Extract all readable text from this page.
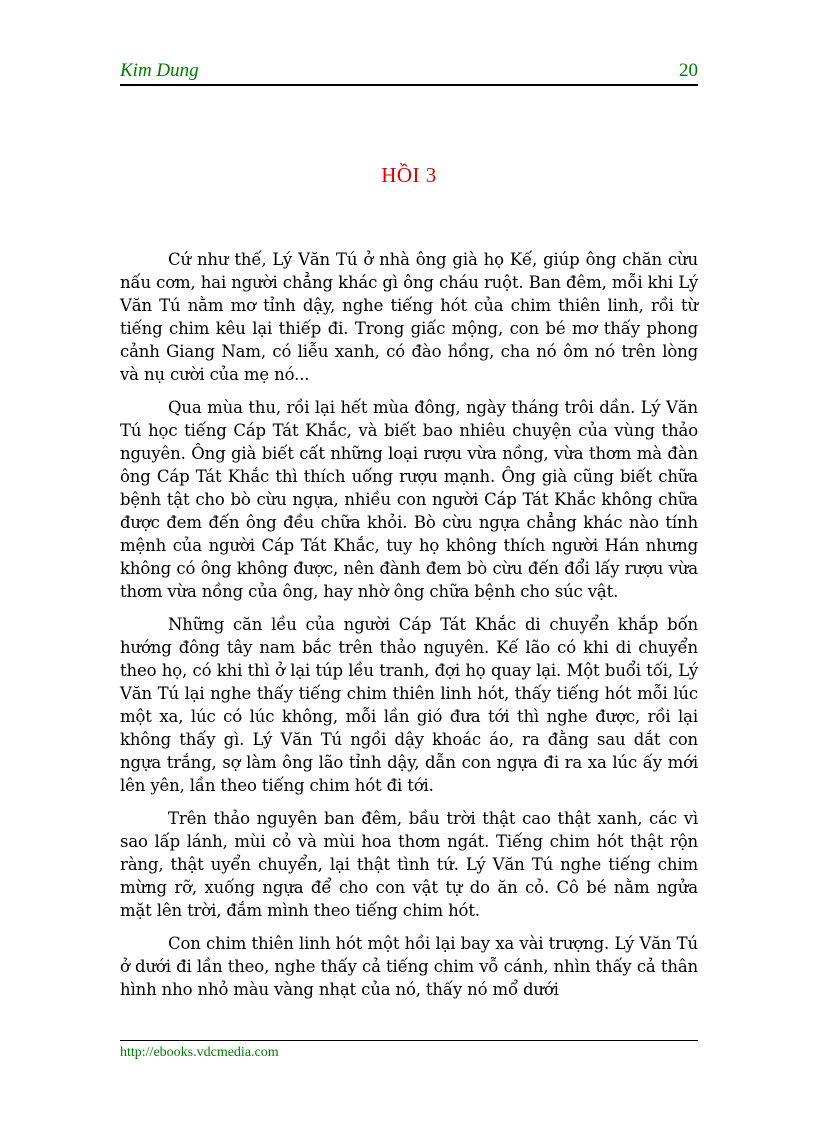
Kim Dung	20
HỒI 3

Cứ như thế, Lý Văn Tú ở nhà ông già họ Kế, giúp ông chăn cừu nấu cơm, hai người chẳng khác gì ông cháu ruột. Ban đêm, mỗi khi Lý Văn Tú nằm mơ tỉnh dậy, nghe tiếng hót của chim thiên linh, rồi từ tiếng chim kêu lại thiếp đi. Trong giấc mộng, con bé mơ thấy phong cảnh Giang Nam, có liễu xanh, có đào hồng, cha nó ôm nó trên lòng và nụ cười của mẹ nó...

Qua mùa thu, rồi lại hết mùa đông, ngày tháng trôi dần. Lý Văn Tú học tiếng Cáp Tát Khắc, và biết bao nhiêu chuyện của vùng thảo nguyên. Ông già biết cất những loại rượu vừa nồng, vừa thơm mà đàn ông Cáp Tát Khắc thì thích uống rượu mạnh. Ông già cũng biết chữa bệnh tật cho bò cừu ngựa, nhiều con người Cáp Tát Khắc không chữa được đem đến ông đều chữa khỏi. Bò cừu ngựa chẳng khác nào tính mệnh của người Cáp Tát Khắc, tuy họ không thích người Hán nhưng không có ông không được, nên đành đem bò cừu đến đổi lấy rượu vừa thơm vừa nồng của ông, hay nhờ ông chữa bệnh cho súc vật.

Những căn lều của người Cáp Tát Khắc di chuyển khắp bốn hướng đông tây nam bắc trên thảo nguyên. Kế lão có khi di chuyển theo họ, có khi thì ở lại túp lều tranh, đợi họ quay lại. Một buổi tối, Lý Văn Tú lại nghe thấy tiếng chim thiên linh hót, thấy tiếng hót mỗi lúc một xa, lúc có lúc không, mỗi lần gió đưa tới thì nghe được, rồi lại không thấy gì. Lý Văn Tú ngồi dậy khoác áo, ra đằng sau dắt con ngựa trắng, sợ làm ông lão tỉnh dậy, dẫn con ngựa đi ra xa lúc ấy mới lên yên, lần theo tiếng chim hót đi tới.

Trên thảo nguyên ban đêm, bầu trời thật cao thật xanh, các vì sao lấp lánh, mùi cỏ và mùi hoa thơm ngát. Tiếng chim hót thật rộn ràng, thật uyển chuyển, lại thật tình tứ. Lý Văn Tú nghe tiếng chim mừng rỡ, xuống ngựa để cho con vật tự do ăn cỏ. Cô bé nằm ngửa mặt lên trời, đắm mình theo tiếng chim hót.

Con chim thiên linh hót một hồi lại bay xa vài trượng. Lý Văn Tú ở dưới đi lần theo, nghe thấy cả tiếng chim vỗ cánh, nhìn thấy cả thân hình nho nhỏ màu vàng nhạt của nó, thấy nó mổ dưới

http://ebooks.vdcmedia.com
